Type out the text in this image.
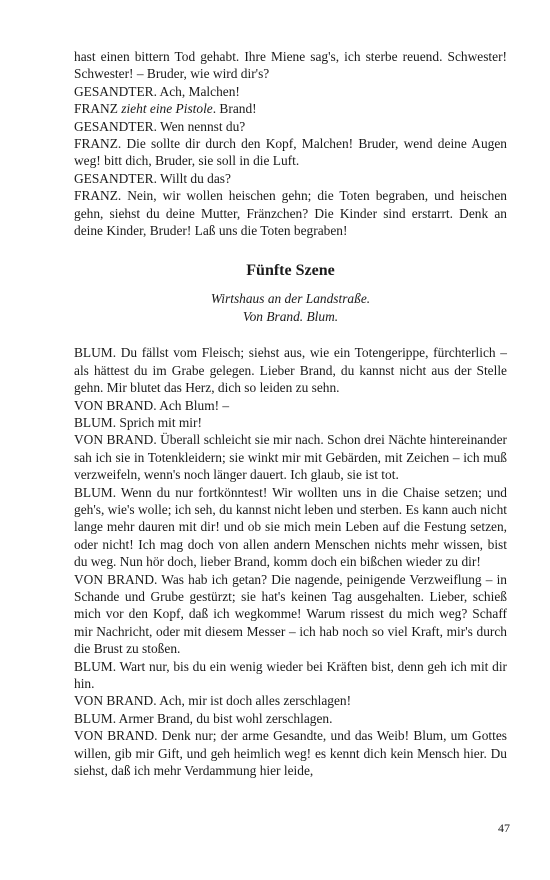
hast einen bittern Tod gehabt. Ihre Miene sag's, ich sterbe reuend. Schwester! Schwester! – Bruder, wie wird dir's?

GESANDTER. Ach, Malchen!

FRANZ zieht eine Pistole. Brand!

GESANDTER. Wen nennst du?

FRANZ. Die sollte dir durch den Kopf, Malchen! Bruder, wend deine Augen weg! bitt dich, Bruder, sie soll in die Luft.

GESANDTER. Willt du das?

FRANZ. Nein, wir wollen heischen gehn; die Toten begraben, und heischen gehn, siehst du deine Mutter, Fränzchen? Die Kinder sind erstarrt. Denk an deine Kinder, Bruder! Laß uns die Toten begraben!

Fünfte Szene
Wirtshaus an der Landstraße.
Von Brand. Blum.

BLUM. Du fällst vom Fleisch; siehst aus, wie ein Totengerippe, fürchterlich – als hättest du im Grabe gelegen. Lieber Brand, du kannst nicht aus der Stelle gehn. Mir blutet das Herz, dich so leiden zu sehn.

VON BRAND. Ach Blum! –

BLUM. Sprich mit mir!

VON BRAND. Überall schleicht sie mir nach. Schon drei Nächte hintereinander sah ich sie in Totenkleidern; sie winkt mir mit Gebärden, mit Zeichen – ich muß verzweifeln, wenn's noch länger dauert. Ich glaub, sie ist tot.

BLUM. Wenn du nur fortkönntest! Wir wollten uns in die Chaise setzen; und geh's, wie's wolle; ich seh, du kannst nicht leben und sterben. Es kann auch nicht lange mehr dauren mit dir! und ob sie mich mein Leben auf die Festung setzen, oder nicht! Ich mag doch von allen andern Menschen nichts mehr wissen, bist du weg. Nun hör doch, lieber Brand, komm doch ein bißchen wieder zu dir!

VON BRAND. Was hab ich getan? Die nagende, peinigende Verzweiflung – in Schande und Grube gestürzt; sie hat's keinen Tag ausgehalten. Lieber, schieß mich vor den Kopf, daß ich wegkomme! Warum rissest du mich weg? Schaff mir Nachricht, oder mit diesem Messer – ich hab noch so viel Kraft, mir's durch die Brust zu stoßen.

BLUM. Wart nur, bis du ein wenig wieder bei Kräften bist, denn geh ich mit dir hin.

VON BRAND. Ach, mir ist doch alles zerschlagen!

BLUM. Armer Brand, du bist wohl zerschlagen.

VON BRAND. Denk nur; der arme Gesandte, und das Weib! Blum, um Gottes willen, gib mir Gift, und geh heimlich weg! es kennt dich kein Mensch hier. Du siehst, daß ich mehr Verdammung hier leide,

47
